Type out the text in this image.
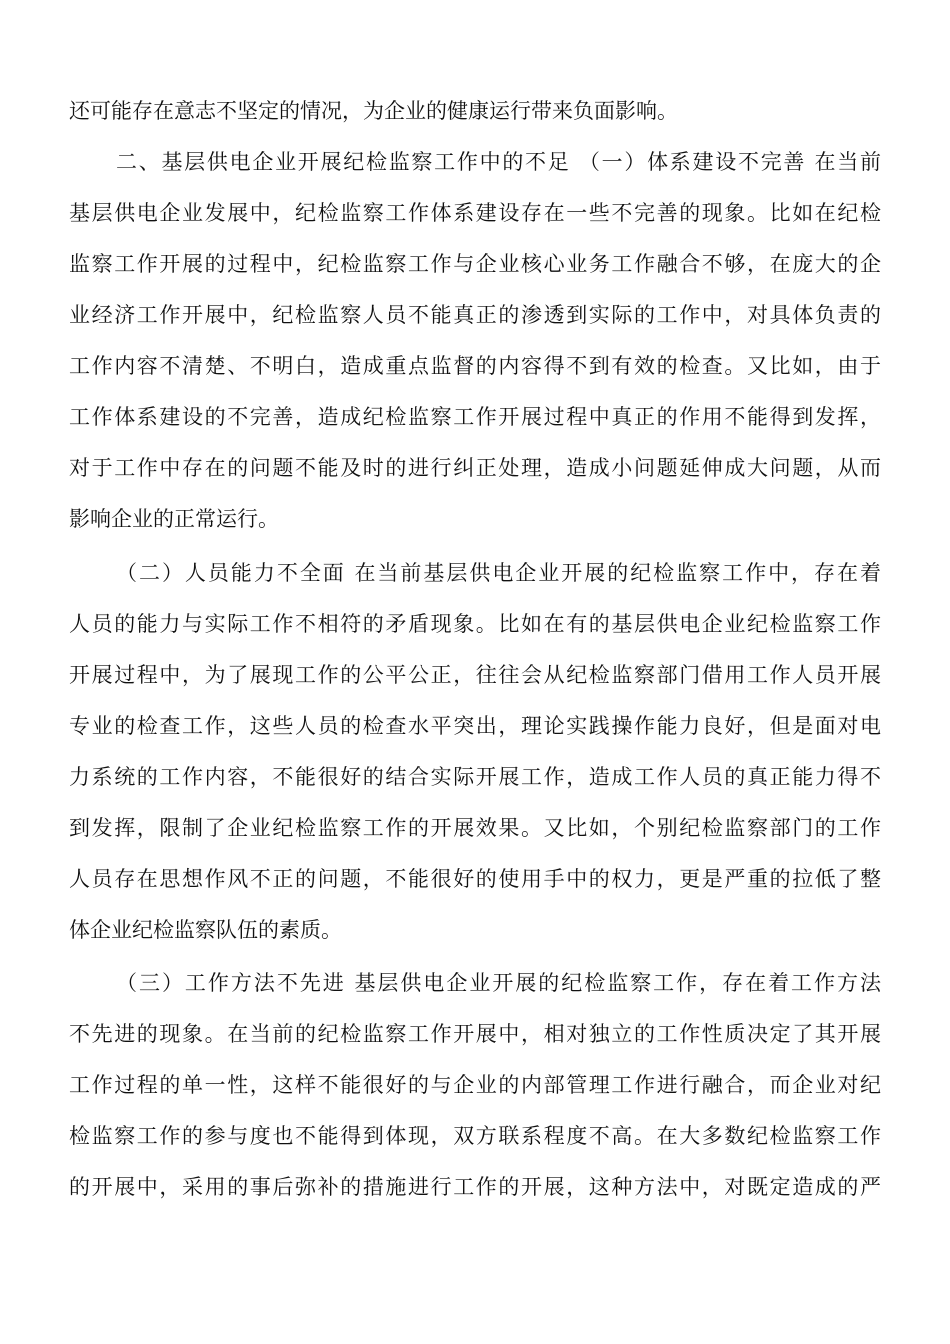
还可能存在意志不坚定的情况，为企业的健康运行带来负面影响。
二、基层供电企业开展纪检监察工作中的不足 （一）体系建设不完善 在当前
基层供电企业发展中，纪检监察工作体系建设存在一些不完善的现象。比如在纪检
监察工作开展的过程中，纪检监察工作与企业核心业务工作融合不够，在庞大的企
业经济工作开展中，纪检监察人员不能真正的渗透到实际的工作中，对具体负责的
工作内容不清楚、不明白，造成重点监督的内容得不到有效的检查。又比如，由于
工作体系建设的不完善，造成纪检监察工作开展过程中真正的作用不能得到发挥，
对于工作中存在的问题不能及时的进行纠正处理，造成小问题延伸成大问题，从而
影响企业的正常运行。
（二）人员能力不全面 在当前基层供电企业开展的纪检监察工作中，存在着
人员的能力与实际工作不相符的矛盾现象。比如在有的基层供电企业纪检监察工作
开展过程中，为了展现工作的公平公正，往往会从纪检监察部门借用工作人员开展
专业的检查工作，这些人员的检查水平突出，理论实践操作能力良好，但是面对电
力系统的工作内容，不能很好的结合实际开展工作，造成工作人员的真正能力得不
到发挥，限制了企业纪检监察工作的开展效果。又比如，个别纪检监察部门的工作
人员存在思想作风不正的问题，不能很好的使用手中的权力，更是严重的拉低了整
体企业纪检监察队伍的素质。
（三）工作方法不先进 基层供电企业开展的纪检监察工作，存在着工作方法
不先进的现象。在当前的纪检监察工作开展中，相对独立的工作性质决定了其开展
工作过程的单一性，这样不能很好的与企业的内部管理工作进行融合，而企业对纪
检监察工作的参与度也不能得到体现，双方联系程度不高。在大多数纪检监察工作
的开展中，采用的事后弥补的措施进行工作的开展，这种方法中，对既定造成的严
